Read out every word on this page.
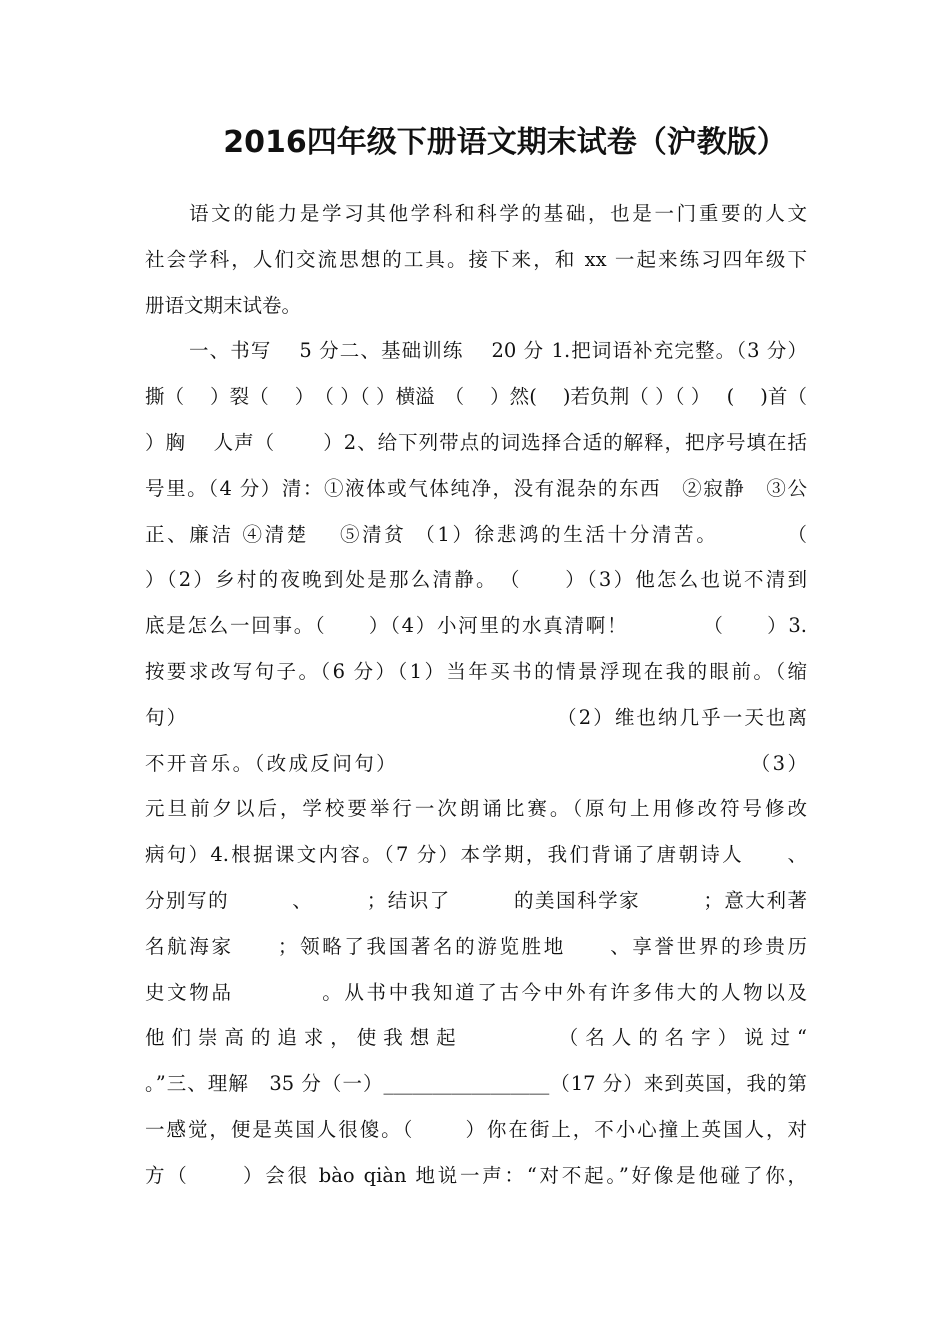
2016四年级下册语文期末试卷（沪教版）
语文的能力是学习其他学科和科学的基础，也是一门重要的人文
社会学科，人们交流思想的工具。接下来，和 xx 一起来练习四年级下
册语文期末试卷。
一、书写　 5 分二、基础训练　 20 分 1.把词语补充完整。（3 分）
撕（　 ）裂（　 ）　（ ）（ ）横溢　（　 ）然(　 )若负荆（ ）（ ）　 (　 )首（
）胸　 人声（　　 ）2、给下列带点的词选择合适的解释，把序号填在括
号里。（4 分）清：①液体或气体纯净，没有混杂的东西　②寂静　③公
正、廉洁 ④清楚　 ⑤清贫 （1）徐悲鸿的生活十分清苦。　　　　（
）（2）乡村的夜晚到处是那么清静。　（　　）（3）他怎么也说不清到
底是怎么一回事。（　　）（4）小河里的水真清啊！　　　　（　　）3.
按要求改写句子。（6 分）（1）当年买书的情景浮现在我的眼前。（缩
句）　　　　　　　　　　　　　　　　　　（2）维也纳几乎一天也离
不开音乐。（改成反问句）　　　　　　　　　　　　　　　　　（3）
元旦前夕以后，学校要举行一次朗诵比赛。（原句上用修改符号修改
病句）4.根据课文内容。（7 分）本学期，我们背诵了唐朝诗人　　、
分别写的　　　、　　　；结识了　　　的美国科学家　　　；意大利著
名航海家　　；领略了我国著名的游览胜地　　、享誉世界的珍贵历
史文物品　　　　。从书中我知道了古今中外有许多伟大的人物以及
他们崇高的追求，使我想起　　　　（名人的名字）说过“
。”三、理解　35 分（一）_________________（17 分）来到英国，我的第
一感觉，便是英国人很傻。（　　 ）你在街上，不小心撞上英国人，对
方（　　 ）会很 bào qiàn 地说一声：“对不起。”好像是他碰了你，
